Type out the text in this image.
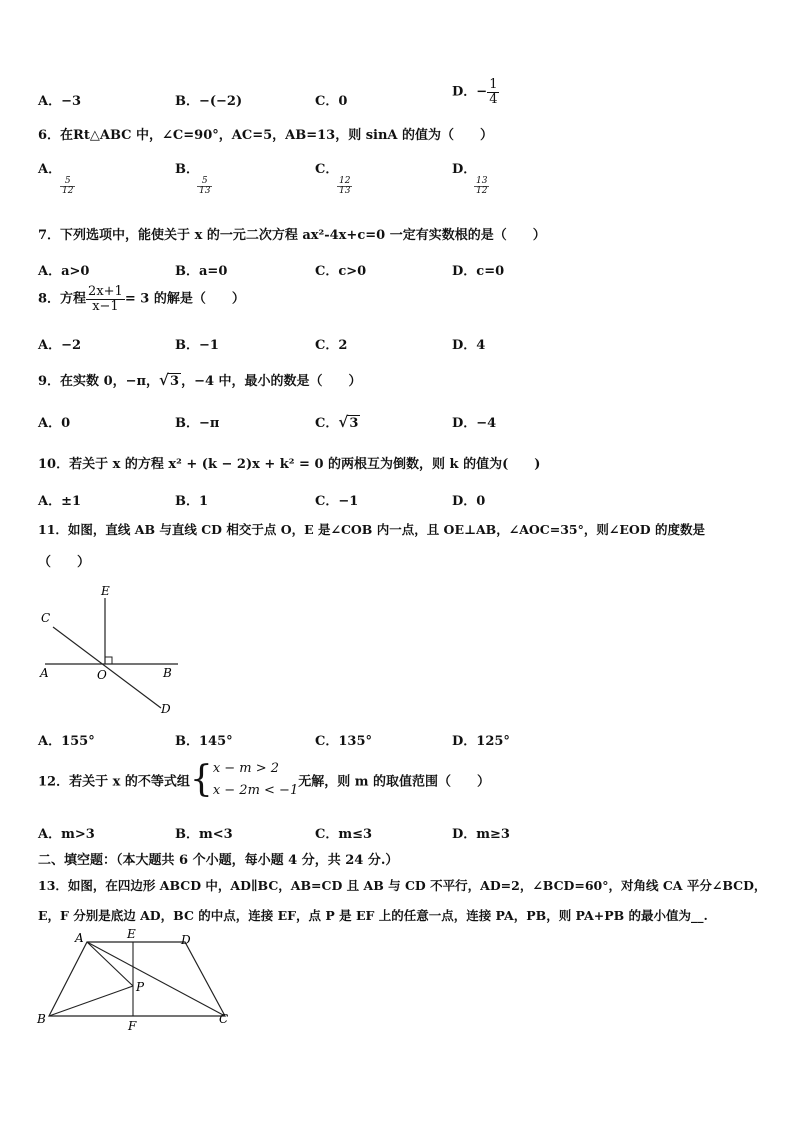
A．−3	B．−(−2)	C．0
D．− $\frac{1}{4}$
6．在Rt△ABC 中，∠C=90°，AC=5，AB=13，则 sinA 的值为（　　）
A．

$\frac{5}{12}$
B．

$\frac{5}{13}$
C．

$\frac{12}{13}$
D．

$\frac{13}{12}$
7．下列选项中，能使关于 x 的一元二次方程 ax²-4x+c=0 一定有实数根的是（　　）
A．a>0	B．a=0	C．c>0	D．c=0
8．方程 $\frac{2x+1}{x-1} = 3$ 的解是（　　）
A．−2	B．−1	C．2	D．4
9．在实数 0，−π， √ 3 ，−4 中，最小的数是（　　）
A．0	B．−π	C． √ 3	D．−4
10．若关于 x 的方程 x² + (k − 2)x + k² = 0 的两根互为倒数，则 k 的值为(　　)
A．±1	B．1	C．−1	D．0
11．如图，直线 AB 与直线 CD 相交于点 O，E 是∠COB 内一点，且 OE⊥AB，∠AOC=35°，则∠EOD 的度数是
（　　）
E
C
A	O	B
D
A．155°	B．145°	C．135°	D．125°
12．若关于 x 的不等式组{ x − m > 2
x − 2m < −1
无解，则 m 的取值范围（　　）
A．m>3	B．m<3	C．m≤3	D．m≥3
二、填空题：（本大题共 6 个小题，每小题 4 分，共 24 分.）
13．如图，在四边形 ABCD 中，AD∥BC，AB=CD 且 AB 与 CD 不平行，AD=2，∠BCD=60°，对角线 CA 平分∠BCD，
E，F 分别是底边 AD，BC 的中点，连接 EF，点 P 是 EF 上的任意一点，连接 PA，PB，则 PA+PB 的最小值为__.
A	E	D
P
B	F	C
